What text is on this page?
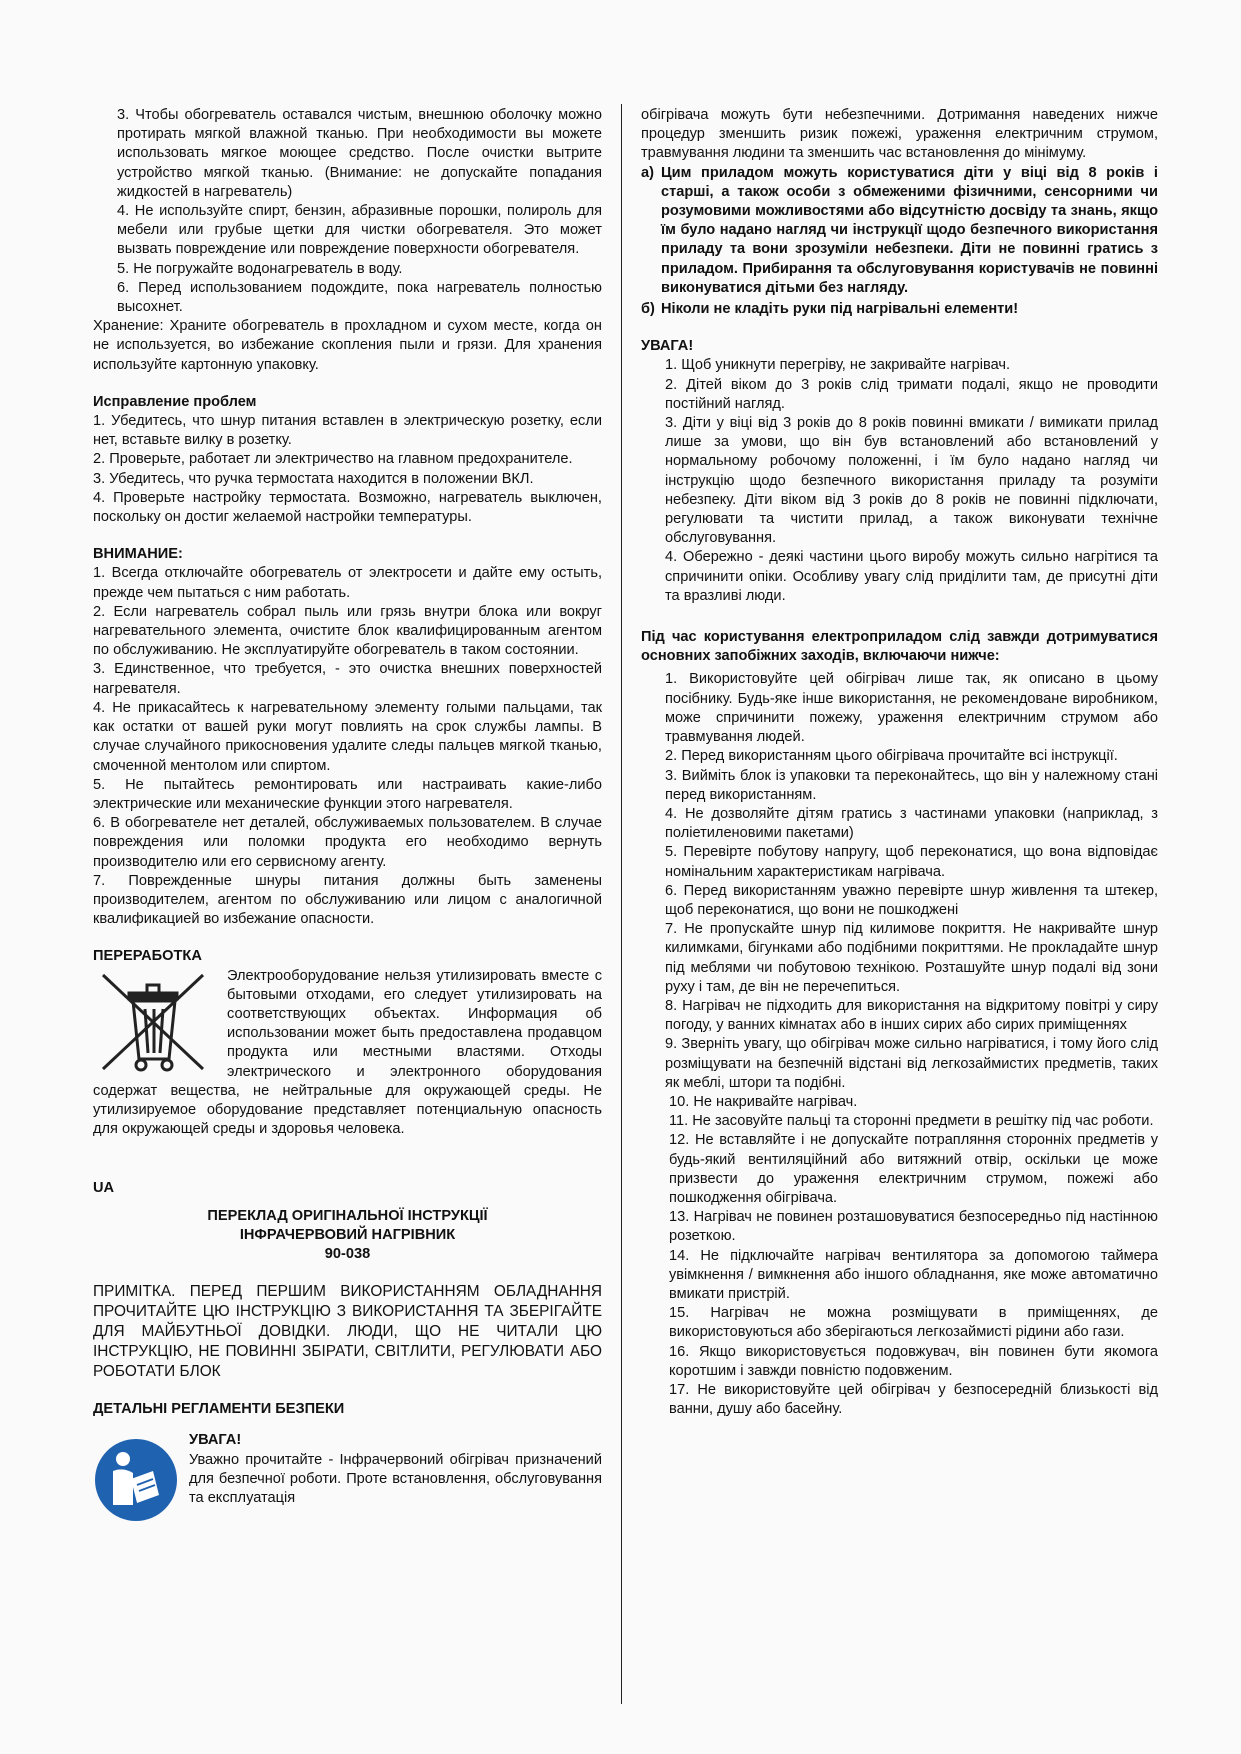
3. Чтобы обогреватель оставался чистым, внешнюю оболочку можно протирать мягкой влажной тканью. При необходимости вы можете использовать мягкое моющее средство. После очистки вытрите устройство мягкой тканью. (Внимание: не допускайте попадания жидкостей в нагреватель)

4. Не используйте спирт, бензин, абразивные порошки, полироль для мебели или грубые щетки для чистки обогревателя. Это может вызвать повреждение или повреждение поверхности обогревателя.

5. Не погружайте водонагреватель в воду.

6. Перед использованием подождите, пока нагреватель полностью высохнет.

Хранение: Храните обогреватель в прохладном и сухом месте, когда он не используется, во избежание скопления пыли и грязи. Для хранения используйте картонную упаковку.

Исправление проблем

1. Убедитесь, что шнур питания вставлен в электрическую розетку, если нет, вставьте вилку в розетку.

2. Проверьте, работает ли электричество на главном предохранителе.

3. Убедитесь, что ручка термостата находится в положении ВКЛ.

4. Проверьте настройку термостата. Возможно, нагреватель выключен, поскольку он достиг желаемой настройки температуры.

ВНИМАНИЕ:

1. Всегда отключайте обогреватель от электросети и дайте ему остыть, прежде чем пытаться с ним работать.

2. Если нагреватель собрал пыль или грязь внутри блока или вокруг нагревательного элемента, очистите блок квалифицированным агентом по обслуживанию. Не эксплуатируйте обогреватель в таком состоянии.

3. Единственное, что требуется, - это очистка внешних поверхностей нагревателя.

4. Не прикасайтесь к нагревательному элементу голыми пальцами, так как остатки от вашей руки могут повлиять на срок службы лампы. В случае случайного прикосновения удалите следы пальцев мягкой тканью, смоченной ментолом или спиртом.

5. Не пытайтесь ремонтировать или настраивать какие-либо электрические или механические функции этого нагревателя.

6. В обогревателе нет деталей, обслуживаемых пользователем. В случае повреждения или поломки продукта его необходимо вернуть производителю или его сервисному агенту.

7. Поврежденные шнуры питания должны быть заменены производителем, агентом по обслуживанию или лицом с аналогичной квалификацией во избежание опасности.

ПЕРЕРАБОТКА

Электрооборудование нельзя утилизировать вместе с бытовыми отходами, его следует утилизировать на соответствующих объектах. Информация об использовании может быть предоставлена продавцом продукта или местными властями. Отходы электрического и электронного оборудования содержат вещества, не нейтральные для окружающей среды. Не утилизируемое оборудование представляет потенциальную опасность для окружающей среды и здоровья человека.

UA

ПЕРЕКЛАД ОРИГІНАЛЬНОЇ ІНСТРУКЦІЇ

ІНФРАЧЕРВОВИЙ НАГРІВНИК

90-038

ПРИМІТКА. ПЕРЕД ПЕРШИМ ВИКОРИСТАННЯМ ОБЛАДНАННЯ ПРОЧИТАЙТЕ ЦЮ ІНСТРУКЦІЮ З ВИКОРИСТАННЯ ТА ЗБЕРІГАЙТЕ ДЛЯ МАЙБУТНЬОЇ ДОВІДКИ. ЛЮДИ, ЩО НЕ ЧИТАЛИ ЦЮ ІНСТРУКЦІЮ, НЕ ПОВИННІ ЗБІРАТИ, СВІТЛИТИ, РЕГУЛЮВАТИ АБО РОБОТАТИ БЛОК

ДЕТАЛЬНІ РЕГЛАМЕНТИ БЕЗПЕКИ

УВАГА!

Уважно прочитайте - Інфрачервоний обігрівач призначений для безпечної роботи. Проте встановлення, обслуговування та експлуатація

обігрівача можуть бути небезпечними. Дотримання наведених нижче процедур зменшить ризик пожежі, ураження електричним струмом, травмування людини та зменшить час встановлення до мінімуму.

а) Цим приладом можуть користуватися діти у віці від 8 років і старші, а також особи з обмеженими фізичними, сенсорними чи розумовими можливостями або відсутністю досвіду та знань, якщо їм було надано нагляд чи інструкції щодо безпечного використання приладу та вони зрозуміли небезпеки. Діти не повинні гратись з приладом. Прибирання та обслуговування користувачів не повинні виконуватися дітьми без нагляду.
б) Ніколи не кладіть руки під нагрівальні елементи!

УВАГА!

1. Щоб уникнути перегріву, не закривайте нагрівач.

2. Дітей віком до 3 років слід тримати подалі, якщо не проводити постійний нагляд.

3. Діти у віці від 3 років до 8 років повинні вмикати / вимикати прилад лише за умови, що він був встановлений або встановлений у нормальному робочому положенні, і їм було надано нагляд чи інструкцію щодо безпечного використання приладу та розуміти небезпеку. Діти віком від 3 років до 8 років не повинні підключати, регулювати та чистити прилад, а також виконувати технічне обслуговування.

4. Обережно - деякі частини цього виробу можуть сильно нагрітися та спричинити опіки. Особливу увагу слід приділити там, де присутні діти та вразливі люди.

Під час користування електроприладом слід завжди дотримуватися основних запобіжних заходів, включаючи нижче:

1. Використовуйте цей обігрівач лише так, як описано в цьому посібнику. Будь-яке інше використання, не рекомендоване виробником, може спричинити пожежу, ураження електричним струмом або травмування людей.

2. Перед використанням цього обігрівача прочитайте всі інструкції.

3. Вийміть блок із упаковки та переконайтесь, що він у належному стані перед використанням.

4. Не дозволяйте дітям гратись з частинами упаковки (наприклад, з поліетиленовими пакетами)

5. Перевірте побутову напругу, щоб переконатися, що вона відповідає номінальним характеристикам нагрівача.

6. Перед використанням уважно перевірте шнур живлення та штекер, щоб переконатися, що вони не пошкоджені

7. Не пропускайте шнур під килимове покриття. Не накривайте шнур килимками, бігунками або подібними покриттями. Не прокладайте шнур під меблями чи побутовою технікою. Розташуйте шнур подалі від зони руху і там, де він не перечепиться.

8. Нагрівач не підходить для використання на відкритому повітрі у сиру погоду, у ванних кімнатах або в інших сирих або сирих приміщеннях

9. Зверніть увагу, що обігрівач може сильно нагріватися, і тому його слід розміщувати на безпечній відстані від легкозаймистих предметів, таких як меблі, штори та подібні.

10. Не накривайте нагрівач.

11. Не засовуйте пальці та сторонні предмети в решітку під час роботи.

12. Не вставляйте і не допускайте потрапляння сторонніх предметів у будь-який вентиляційний або витяжний отвір, оскільки це може призвести до ураження електричним струмом, пожежі або пошкодження обігрівача.

13. Нагрівач не повинен розташовуватися безпосередньо під настінною розеткою.

14. Не підключайте нагрівач вентилятора за допомогою таймера увімкнення / вимкнення або іншого обладнання, яке може автоматично вмикати пристрій.

15. Нагрівач не можна розміщувати в приміщеннях, де використовуються або зберігаються легкозаймисті рідини або гази.

16. Якщо використовується подовжувач, він повинен бути якомога коротшим і завжди повністю подовженим.

17. Не використовуйте цей обігрівач у безпосередній близькості від ванни, душу або басейну.
